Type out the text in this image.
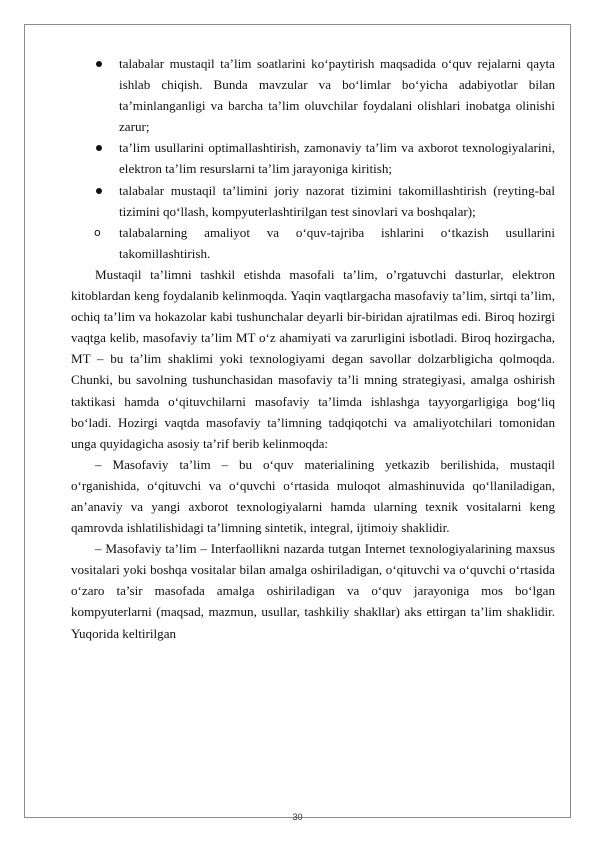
talabalar mustaqil ta’lim soatlarini ko‘paytirish maqsadida o‘quv rejalarni qayta ishlab chiqish. Bunda mavzular va bo‘limlar bo‘yicha adabiyotlar bilan ta’minlanganligi va barcha ta’lim oluvchilar foydalani olishlari inobatga olinishi zarur;
ta’lim usullarini optimallashtirish, zamonaviy ta’lim va axborot texnologiyalarini, elektron ta’lim resurslarni ta’lim jarayoniga kiritish;
talabalar mustaqil ta’limini joriy nazorat tizimini takomillashtirish (reyting-bal tizimini qo‘llash, kompyuterlashtirilgan test sinovlari va boshqalar);
o	talabalarning amaliyot va o‘quv-tajriba ishlarini o‘tkazish usullarini takomillashtirish.
Mustaqil ta’limni tashkil etishda masofali ta’lim, o’rgatuvchi dasturlar, elektron kitoblardan keng foydalanib kelinmoqda. Yaqin vaqtlargacha masofaviy ta’lim, sirtqi ta’lim, ochiq ta’lim va hokazolar kabi tushunchalar deyarli bir-biridan ajratilmas edi. Biroq hozirgi vaqtga kelib, masofaviy ta’lim MT o‘z ahamiyati va zarurligini isbotladi. Biroq hozirgacha, MT – bu ta’lim shaklimi yoki texnologiyami degan savollar dolzarbligicha qolmoqda. Chunki, bu savolning tushunchasidan masofaviy ta’li mning strategiyasi, amalga oshirish taktikasi hamda o‘qituvchilarni masofaviy ta’limda ishlashga tayyorgarligiga bog‘liq bo‘ladi. Hozirgi vaqtda masofaviy ta’limning tadqiqotchi va amaliyotchilari tomonidan unga quyidagicha asosiy ta’rif berib kelinmoqda:
– Masofaviy ta’lim – bu o‘quv materialining yetkazib berilishida, mustaqil o‘rganishida, o‘qituvchi va o‘quvchi o‘rtasida muloqot almashinuvida qo‘llaniladigan, an’anaviy va yangi axborot texnologiyalarni hamda ularning texnik vositalarni keng qamrovda ishlatilishidagi ta’limning sintetik, integral, ijtimoiy shaklidir.
– Masofaviy ta’lim – Interfaollikni nazarda tutgan Internet texnologiyalarining maxsus vositalari yoki boshqa vositalar bilan amalga oshiriladigan, o‘qituvchi va o‘quvchi o‘rtasida o‘zaro ta’sir masofada amalga oshiriladigan va o‘quv jarayoniga mos bo‘lgan kompyuterlarni (maqsad, mazmun, usullar, tashkiliy shakllar) aks ettirgan ta’lim shaklidir. Yuqorida keltirilgan
30
